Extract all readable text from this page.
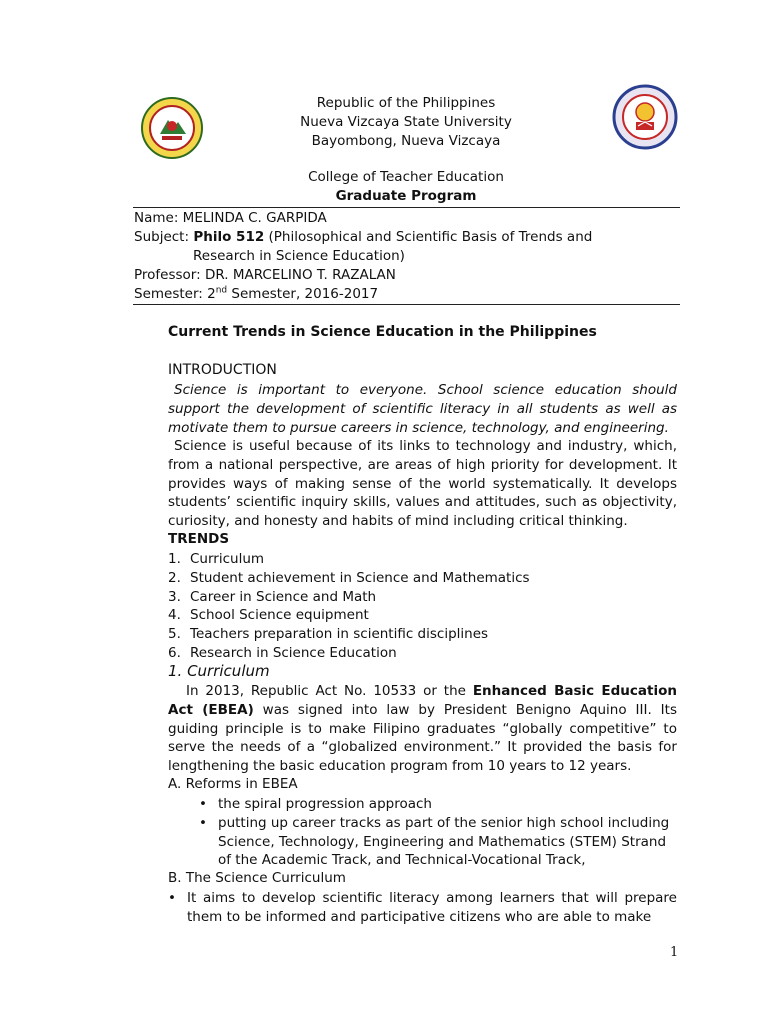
Republic of the Philippines
Nueva Vizcaya State University
Bayombong, Nueva Vizcaya
College of Teacher Education
Graduate Program
Name: MELINDA C. GARPIDA
Subject: Philo 512 (Philosophical and Scientific Basis of Trends and
Research in Science Education)
Professor: DR. MARCELINO T. RAZALAN
Semester: 2nd Semester, 2016-2017
Current Trends in Science Education in the Philippines
INTRODUCTION
Science is important to everyone. School science education should support the development of scientific literacy in all students as well as motivate them to pursue careers in science, technology, and engineering.
Science is useful because of its links to technology and industry, which, from a national perspective, are areas of high priority for development. It provides ways of making sense of the world systematically. It develops students’ scientific inquiry skills, values and attitudes, such as objectivity, curiosity, and honesty and habits of mind including critical thinking.
TRENDS
1. Curriculum
2. Student achievement in Science and Mathematics
3. Career in Science and Math
4. School Science equipment
5. Teachers preparation in scientific disciplines
6. Research in Science Education
1. Curriculum
In 2013, Republic Act No. 10533 or the Enhanced Basic Education Act (EBEA) was signed into law by President Benigno Aquino III. Its guiding principle is to make Filipino graduates “globally competitive” to serve the needs of a “globalized environment.” It provided the basis for lengthening the basic education program from 10 years to 12 years.
A. Reforms in EBEA
• the spiral progression approach
• putting up career tracks as part of the senior high school including Science, Technology, Engineering and Mathematics (STEM) Strand of the Academic Track, and Technical-Vocational Track,
B. The Science Curriculum
• It aims to develop scientific literacy among learners that will prepare them to be informed and participative citizens who are able to make
1
